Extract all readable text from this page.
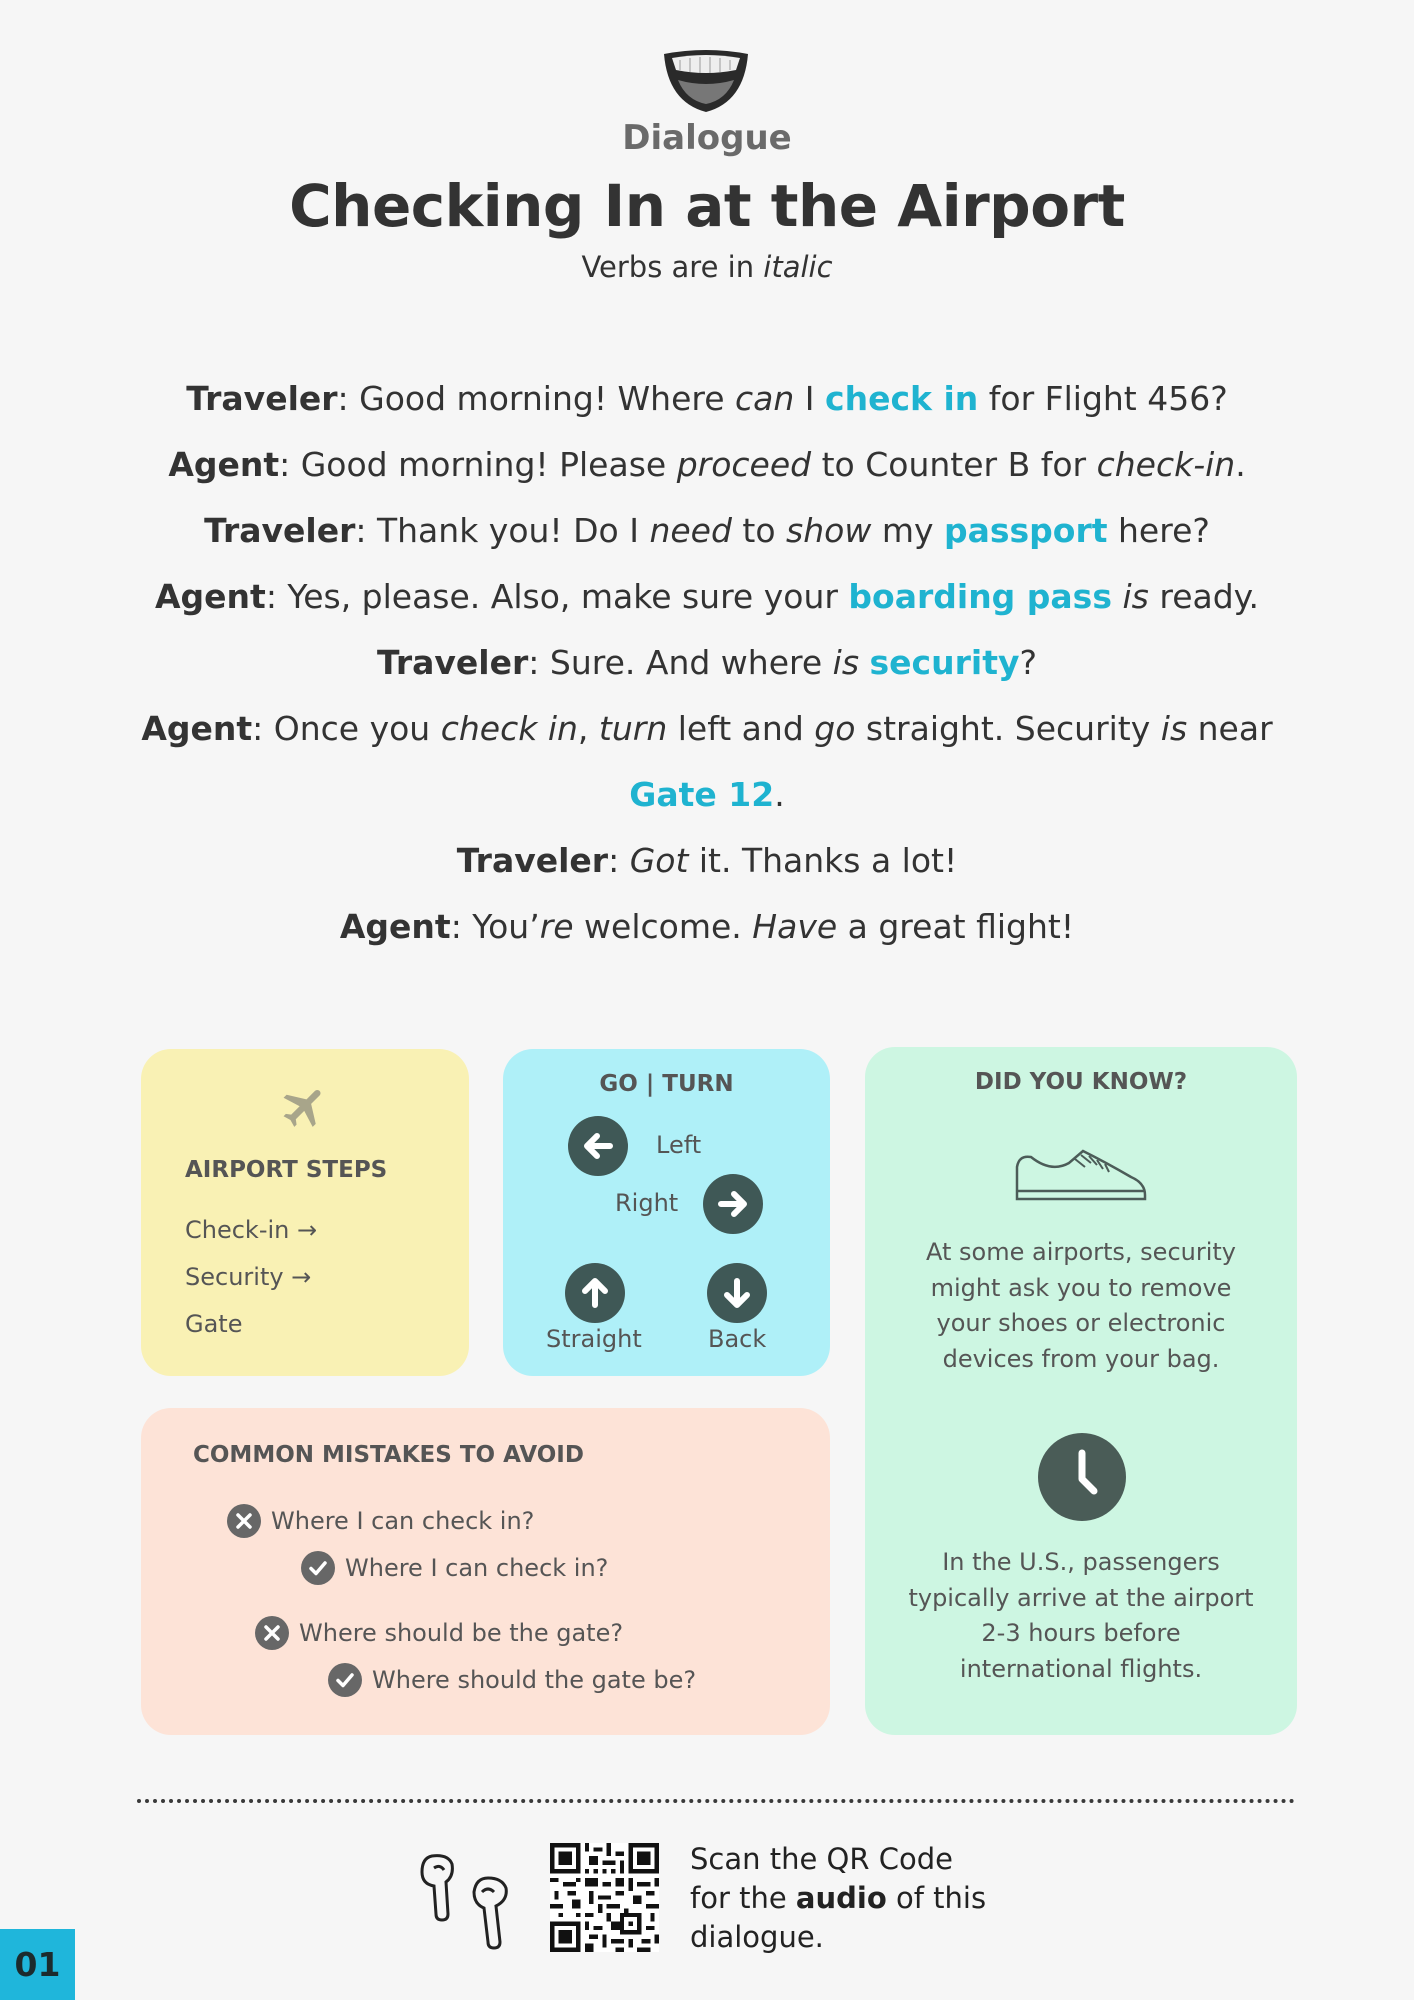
Dialogue
Checking In at the Airport
Verbs are in italic
Traveler: Good morning! Where can I check in for Flight 456?
Agent: Good morning! Please proceed to Counter B for check-in.
Traveler: Thank you! Do I need to show my passport here?
Agent: Yes, please. Also, make sure your boarding pass is ready.
Traveler: Sure. And where is security?
Agent: Once you check in, turn left and go straight. Security is near
Gate 12.
Traveler: Got it. Thanks a lot!
Agent: You’re welcome. Have a great flight!
AIRPORT STEPS
Check-in →
Security →
Gate
GO | TURN
Left
Right
Straight	Back
DID YOU KNOW?
At some airports, security might ask you to remove your shoes or electronic devices from your bag.
In the U.S., passengers typically arrive at the airport 2-3 hours before international flights.
COMMON MISTAKES TO AVOID
Where I can check in?
Where I can check in?
Where should be the gate?
Where should the gate be?
Scan the QR Code
for the audio of this
dialogue.
01
